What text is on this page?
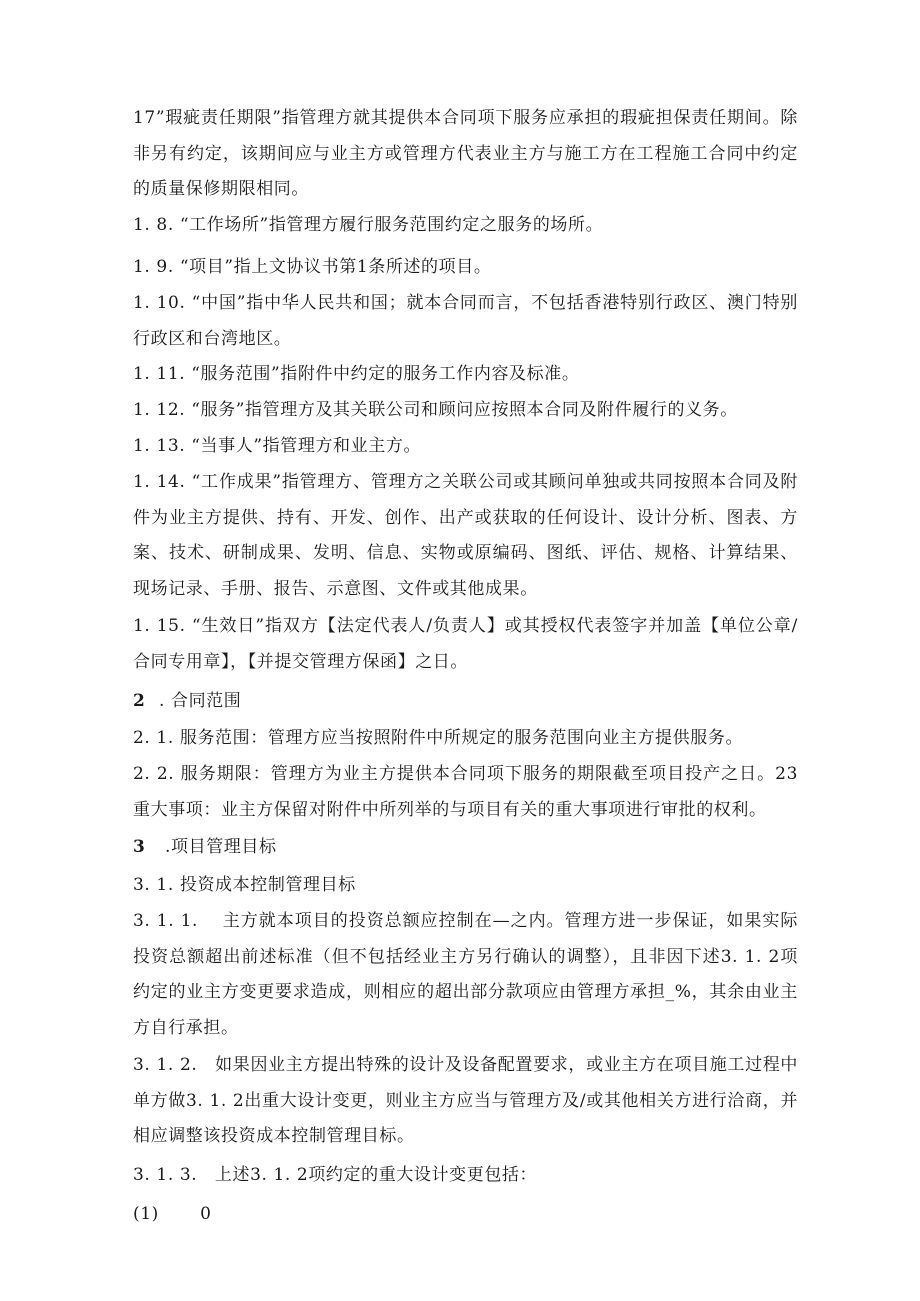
17”瑕疵责任期限”指管理方就其提供本合同项下服务应承担的瑕疵担保责任期间。除非另有约定，该期间应与业主方或管理方代表业主方与施工方在工程施工合同中约定的质量保修期限相同。

1. 8. “工作场所”指管理方履行服务范围约定之服务的场所。

1. 9. “项目”指上文协议书第1条所述的项目。

1. 10. “中国”指中华人民共和国；就本合同而言，不包括香港特别行政区、澳门特别行政区和台湾地区。

1. 11. “服务范围”指附件中约定的服务工作内容及标准。

1. 12. “服务”指管理方及其关联公司和顾问应按照本合同及附件履行的义务。

1. 13. “当事人”指管理方和业主方。

1. 14. “工作成果”指管理方、管理方之关联公司或其顾问单独或共同按照本合同及附件为业主方提供、持有、开发、创作、出产或获取的任何设计、设计分析、图表、方案、技术、研制成果、发明、信息、实物或原编码、图纸、评估、规格、计算结果、现场记录、手册、报告、示意图、文件或其他成果。

1. 15. “生效日”指双方【法定代表人/负责人】或其授权代表签字并加盖【单位公章/合同专用章】，【并提交管理方保函】之日。

2 . 合同范围

2. 1. 服务范围：管理方应当按照附件中所规定的服务范围向业主方提供服务。

2. 2. 服务期限：管理方为业主方提供本合同项下服务的期限截至项目投产之日。23重大事项：业主方保留对附件中所列举的与项目有关的重大事项进行审批的权利。

3 .项目管理目标

3. 1. 投资成本控制管理目标

3. 1. 1.　 主方就本项目的投资总额应控制在—之内。管理方进一步保证，如果实际投资总额超出前述标准（但不包括经业主方另行确认的调整），且非因下述3. 1. 2项约定的业主方变更要求造成，则相应的超出部分款项应由管理方承担_%，其余由业主方自行承担。

3. 1. 2.　如果因业主方提出特殊的设计及设备配置要求，或业主方在项目施工过程中单方做3. 1. 2出重大设计变更，则业主方应当与管理方及/或其他相关方进行洽商，并相应调整该投资成本控制管理目标。

3. 1. 3.　上述3. 1. 2项约定的重大设计变更包括：

(1)　　 0
